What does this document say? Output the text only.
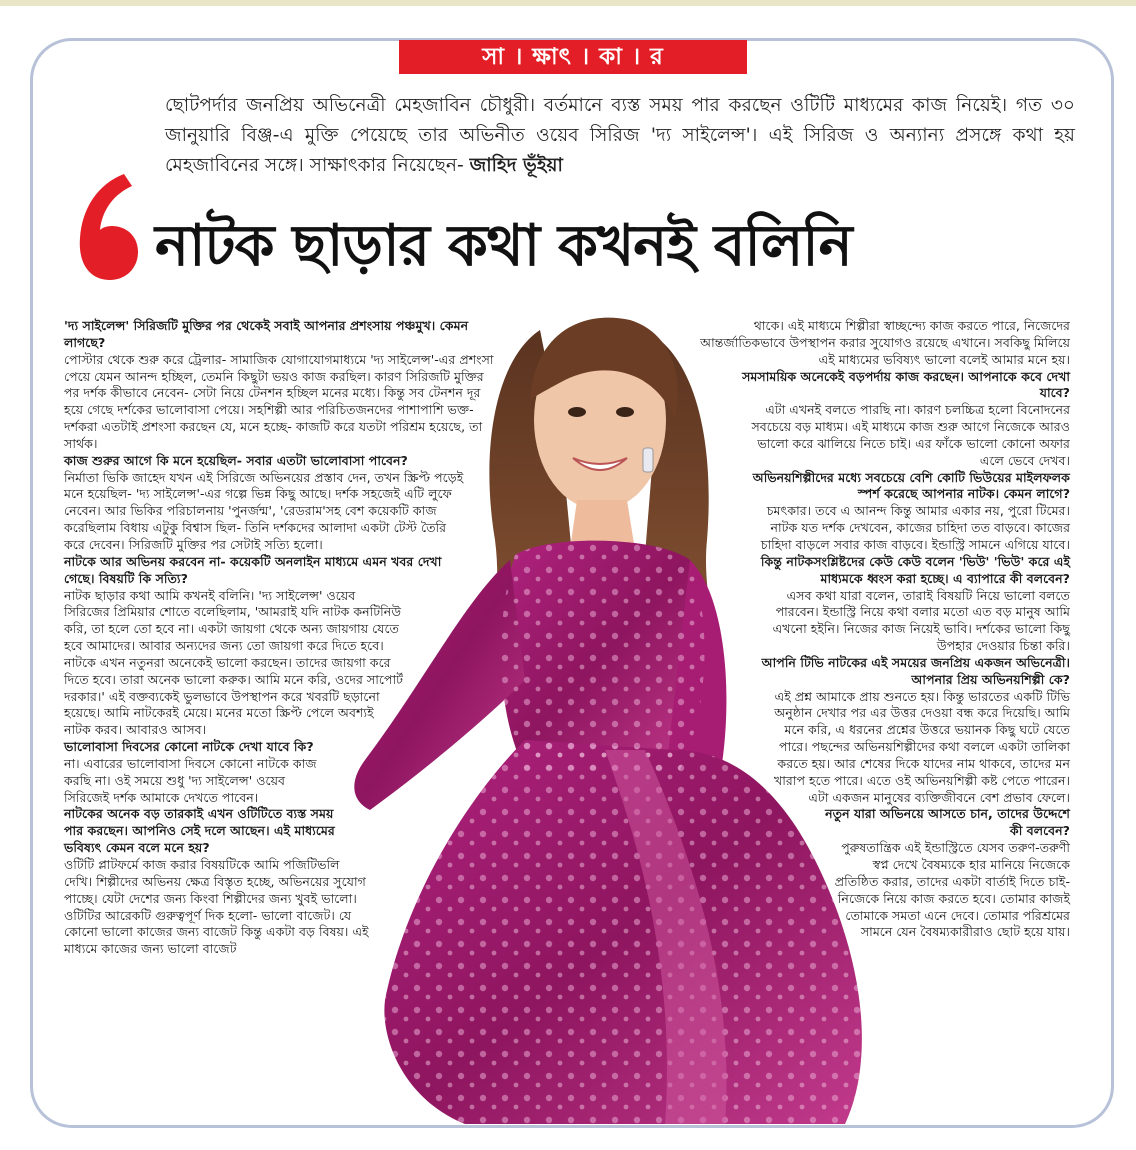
সা । ক্ষাৎ । কা । র
ছোটপর্দার জনপ্রিয় অভিনেত্রী মেহজাবিন চৌধুরী। বর্তমানে ব্যস্ত সময় পার করছেন ওটিটি মাধ্যমের কাজ নিয়েই। গত ৩০ জানুয়ারি বিঞ্জ-এ মুক্তি পেয়েছে তার অভিনীত ওয়েব সিরিজ 'দ্য সাইলেন্স'। এই সিরিজ ও অন্যান্য প্রসঙ্গে কথা হয় মেহজাবিনের সঙ্গে। সাক্ষাৎকার নিয়েছেন- জাহিদ ভূঁইয়া
নাটক ছাড়ার কথা কখনই বলিনি

'দ্য সাইলেন্স' সিরিজটি মুক্তির পর থেকেই সবাই আপনার প্রশংসায় পঞ্চমুখ। কেমন লাগছে?

পোস্টার থেকে শুরু করে ট্রেলার- সামাজিক যোগাযোগমাধ্যমে 'দ্য সাইলেন্স'-এর প্রশংসা পেয়ে যেমন আনন্দ হচ্ছিল, তেমনি কিছুটা ভয়ও কাজ করছিল। কারণ সিরিজটি মুক্তির পর দর্শক কীভাবে নেবেন- সেটা নিয়ে টেনশন হচ্ছিল মনের মধ্যে। কিন্তু সব টেনশন দূর হয়ে গেছে দর্শকের ভালোবাসা পেয়ে। সহশিল্পী আর পরিচিতজনদের পাশাপাশি ভক্ত-দর্শকরা এতটাই প্রশংসা করছেন যে, মনে হচ্ছে- কাজটি করে যতটা পরিশ্রম হয়েছে, তা সার্থক।

কাজ শুরুর আগে কি মনে হয়েছিল- সবার এতটা ভালোবাসা পাবেন?

নির্মাতা ভিকি জাহেদ যখন এই সিরিজে অভিনয়ের প্রস্তাব দেন, তখন স্ক্রিপ্ট পড়েই মনে হয়েছিল- 'দ্য সাইলেন্স'-এর গল্পে ভিন্ন কিছু আছে। দর্শক সহজেই এটি লুফে নেবেন। আর ভিকির পরিচালনায় 'পুনর্জন্ম', 'রেডরাম'সহ বেশ কয়েকটি কাজ করেছিলাম বিধায় এটুকু বিশ্বাস ছিল- তিনি দর্শকদের আলাদা একটা টেস্ট তৈরি করে দেবেন। সিরিজটি মুক্তির পর সেটাই সত্যি হলো।

নাটকে আর অভিনয় করবেন না- কয়েকটি অনলাইন মাধ্যমে এমন খবর দেখা গেছে। বিষয়টি কি সত্যি?

নাটক ছাড়ার কথা আমি কখনই বলিনি। 'দ্য সাইলেন্স' ওয়েব সিরিজের প্রিমিয়ার শোতে বলেছিলাম, 'আমরাই যদি নাটক কনটিনিউ করি, তা হলে তো হবে না। একটা জায়গা থেকে অন্য জায়গায় যেতে হবে আমাদের। আবার অন্যদের জন্য তো জায়গা করে দিতে হবে। নাটকে এখন নতুনরা অনেকেই ভালো করছেন। তাদের জায়গা করে দিতে হবে। তারা অনেক ভালো করুক। আমি মনে করি, ওদের সাপোর্ট দরকার।' এই বক্তব্যকেই ভুলভাবে উপস্থাপন করে খবরটি ছড়ানো হয়েছে। আমি নাটকেরই মেয়ে। মনের মতো স্ক্রিপ্ট পেলে অবশ্যই নাটক করব। আবারও আসব।

ভালোবাসা দিবসের কোনো নাটকে দেখা যাবে কি?

না। এবারের ভালোবাসা দিবসে কোনো নাটকে কাজ করছি না। ওই সময়ে শুধু 'দ্য সাইলেন্স' ওয়েব সিরিজেই দর্শক আমাকে দেখতে পাবেন।

নাটকের অনেক বড় তারকাই এখন ওটিটিতে ব্যস্ত সময় পার করছেন। আপনিও সেই দলে আছেন। এই মাধ্যমের ভবিষ্যৎ কেমন বলে মনে হয়?

ওটিটি প্লাটফর্মে কাজ করার বিষয়টিকে আমি পজিটিভলি দেখি। শিল্পীদের অভিনয় ক্ষেত্র বিস্তৃত হচ্ছে, অভিনয়ের সুযোগ পাচ্ছে। যেটা দেশের জন্য কিংবা শিল্পীদের জন্য খুবই ভালো। ওটিটির আরেকটি গুরুত্বপূর্ণ দিক হলো- ভালো বাজেট। যে কোনো ভালো কাজের জন্য বাজেট কিন্তু একটা বড় বিষয়। এই মাধ্যমে কাজের জন্য ভালো বাজেট

থাকে। এই মাধ্যমে শিল্পীরা স্বাচ্ছন্দ্যে কাজ করতে পারে, নিজেদের আন্তর্জাতিকভাবে উপস্থাপন করার সুযোগও রয়েছে এখানে। সবকিছু মিলিয়ে এই মাধ্যমের ভবিষ্যৎ ভালো বলেই আমার মনে হয়।

সমসাময়িক অনেকেই বড়পর্দায় কাজ করছেন। আপনাকে কবে দেখা যাবে?

এটা এখনই বলতে পারছি না। কারণ চলচ্চিত্র হলো বিনোদনের সবচেয়ে বড় মাধ্যম। এই মাধ্যমে কাজ শুরু আগে নিজেকে আরও ভালো করে ঝালিয়ে নিতে চাই। এর ফাঁকে ভালো কোনো অফার এলে ভেবে দেখব।

অভিনয়শিল্পীদের মধ্যে সবচেয়ে বেশি কোটি ভিউয়ের মাইলফলক স্পর্শ করেছে আপনার নাটক। কেমন লাগে?

চমৎকার। তবে এ আনন্দ কিন্তু আমার একার নয়, পুরো টিমের। নাটক যত দর্শক দেখবেন, কাজের চাহিদা তত বাড়বে। কাজের চাহিদা বাড়লে সবার কাজ বাড়বে। ইন্ডাস্ট্রি সামনে এগিয়ে যাবে।

কিন্তু নাটকসংশ্লিষ্টদের কেউ কেউ বলেন 'ভিউ' 'ভিউ' করে এই মাধ্যমকে ধ্বংস করা হচ্ছে। এ ব্যাপারে কী বলবেন?

এসব কথা যারা বলেন, তারাই বিষয়টি নিয়ে ভালো বলতে পারবেন। ইন্ডাস্ট্রি নিয়ে কথা বলার মতো এত বড় মানুষ আমি এখনো হইনি। নিজের কাজ নিয়েই ভাবি। দর্শকের ভালো কিছু উপহার দেওয়ার চিন্তা করি।

আপনি টিভি নাটকের এই সময়ের জনপ্রিয় একজন অভিনেত্রী। আপনার প্রিয় অভিনয়শিল্পী কে?

এই প্রশ্ন আমাকে প্রায় শুনতে হয়। কিন্তু ভারতের একটি টিভি অনুষ্ঠান দেখার পর এর উত্তর দেওয়া বন্ধ করে দিয়েছি। আমি মনে করি, এ ধরনের প্রশ্নের উত্তরে ভয়ানক কিছু ঘটে যেতে পারে। পছন্দের অভিনয়শিল্পীদের কথা বললে একটা তালিকা করতে হয়। আর শেষের দিকে যাদের নাম থাকবে, তাদের মন খারাপ হতে পারে। এতে ওই অভিনয়শিল্পী কষ্ট পেতে পারেন। এটা একজন মানুষের ব্যক্তিজীবনে বেশ প্রভাব ফেলে।

নতুন যারা অভিনয়ে আসতে চান, তাদের উদ্দেশে কী বলবেন?

পুরুষতান্ত্রিক এই ইন্ডাস্ট্রিতে যেসব তরুণ-তরুণী স্বপ্ন দেখে বৈষম্যকে হার মানিয়ে নিজেকে প্রতিষ্ঠিত করার, তাদের একটা বার্তাই দিতে চাই- নিজেকে নিয়ে কাজ করতে হবে। তোমার কাজই তোমাকে সমতা এনে দেবে। তোমার পরিশ্রমের সামনে যেন বৈষম্যকারীরাও ছোট হয়ে যায়।
